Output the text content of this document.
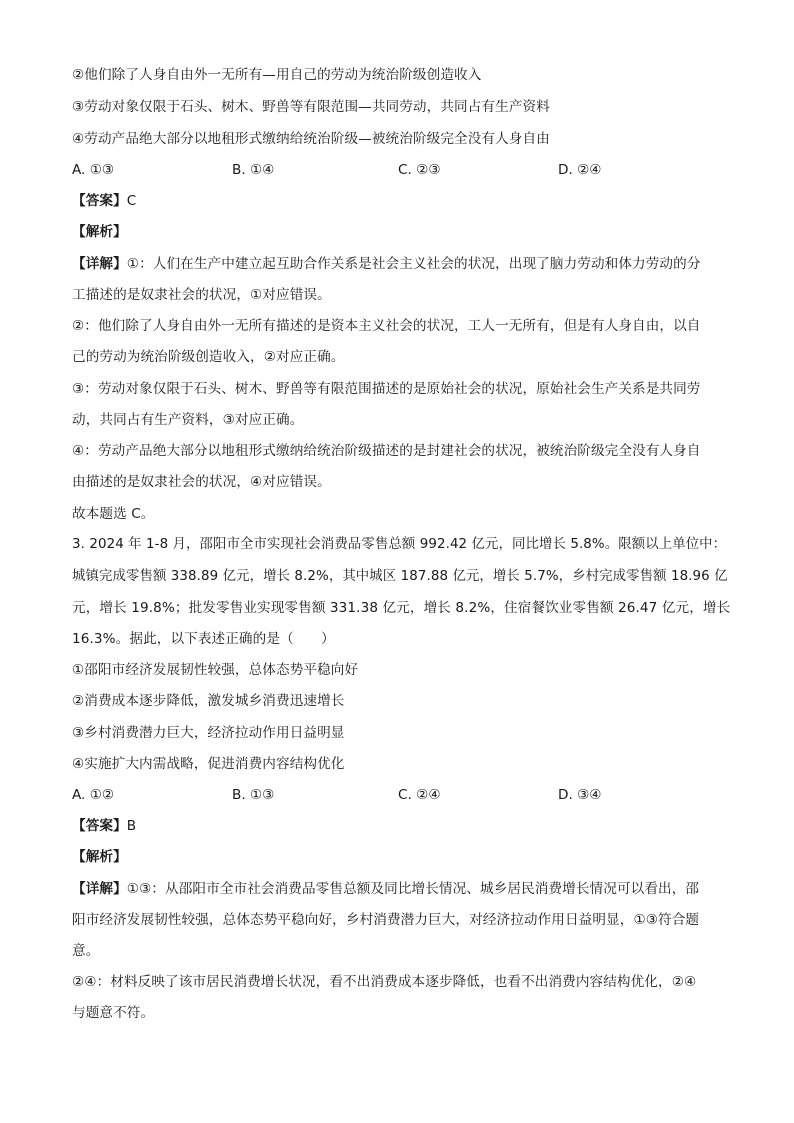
②他们除了人身自由外一无所有—用自己的劳动为统治阶级创造收入
③劳动对象仅限于石头、树木、野兽等有限范围—共同劳动，共同占有生产资料
④劳动产品绝大部分以地租形式缴纳给统治阶级—被统治阶级完全没有人身自由
A. ①③	B. ①④	C. ②③	D. ②④
【答案】C
【解析】
【详解】①：人们在生产中建立起互助合作关系是社会主义社会的状况，出现了脑力劳动和体力劳动的分
工描述的是奴隶社会的状况，①对应错误。
②：他们除了人身自由外一无所有描述的是资本主义社会的状况，工人一无所有，但是有人身自由，以自
己的劳动为统治阶级创造收入，②对应正确。
③：劳动对象仅限于石头、树木、野兽等有限范围描述的是原始社会的状况，原始社会生产关系是共同劳
动，共同占有生产资料，③对应正确。
④：劳动产品绝大部分以地租形式缴纳给统治阶级描述的是封建社会的状况，被统治阶级完全没有人身自
由描述的是奴隶社会的状况，④对应错误。
故本题选 C。
3. 2024 年 1-8 月，邵阳市全市实现社会消费品零售总额 992.42 亿元，同比增长 5.8%。限额以上单位中：
城镇完成零售额 338.89 亿元，增长 8.2%，其中城区 187.88 亿元，增长 5.7%，乡村完成零售额 18.96 亿
元，增长 19.8%；批发零售业实现零售额 331.38 亿元，增长 8.2%，住宿餐饮业零售额 26.47 亿元，增长
16.3%。据此，以下表述正确的是（　　）
①邵阳市经济发展韧性较强，总体态势平稳向好
②消费成本逐步降低，激发城乡消费迅速增长
③乡村消费潜力巨大，经济拉动作用日益明显
④实施扩大内需战略，促进消费内容结构优化
A. ①②	B. ①③	C. ②④	D. ③④
【答案】B
【解析】
【详解】①③：从邵阳市全市社会消费品零售总额及同比增长情况、城乡居民消费增长情况可以看出，邵
阳市经济发展韧性较强，总体态势平稳向好，乡村消费潜力巨大，对经济拉动作用日益明显，①③符合题
意。
②④：材料反映了该市居民消费增长状况，看不出消费成本逐步降低，也看不出消费内容结构优化，②④
与题意不符。
